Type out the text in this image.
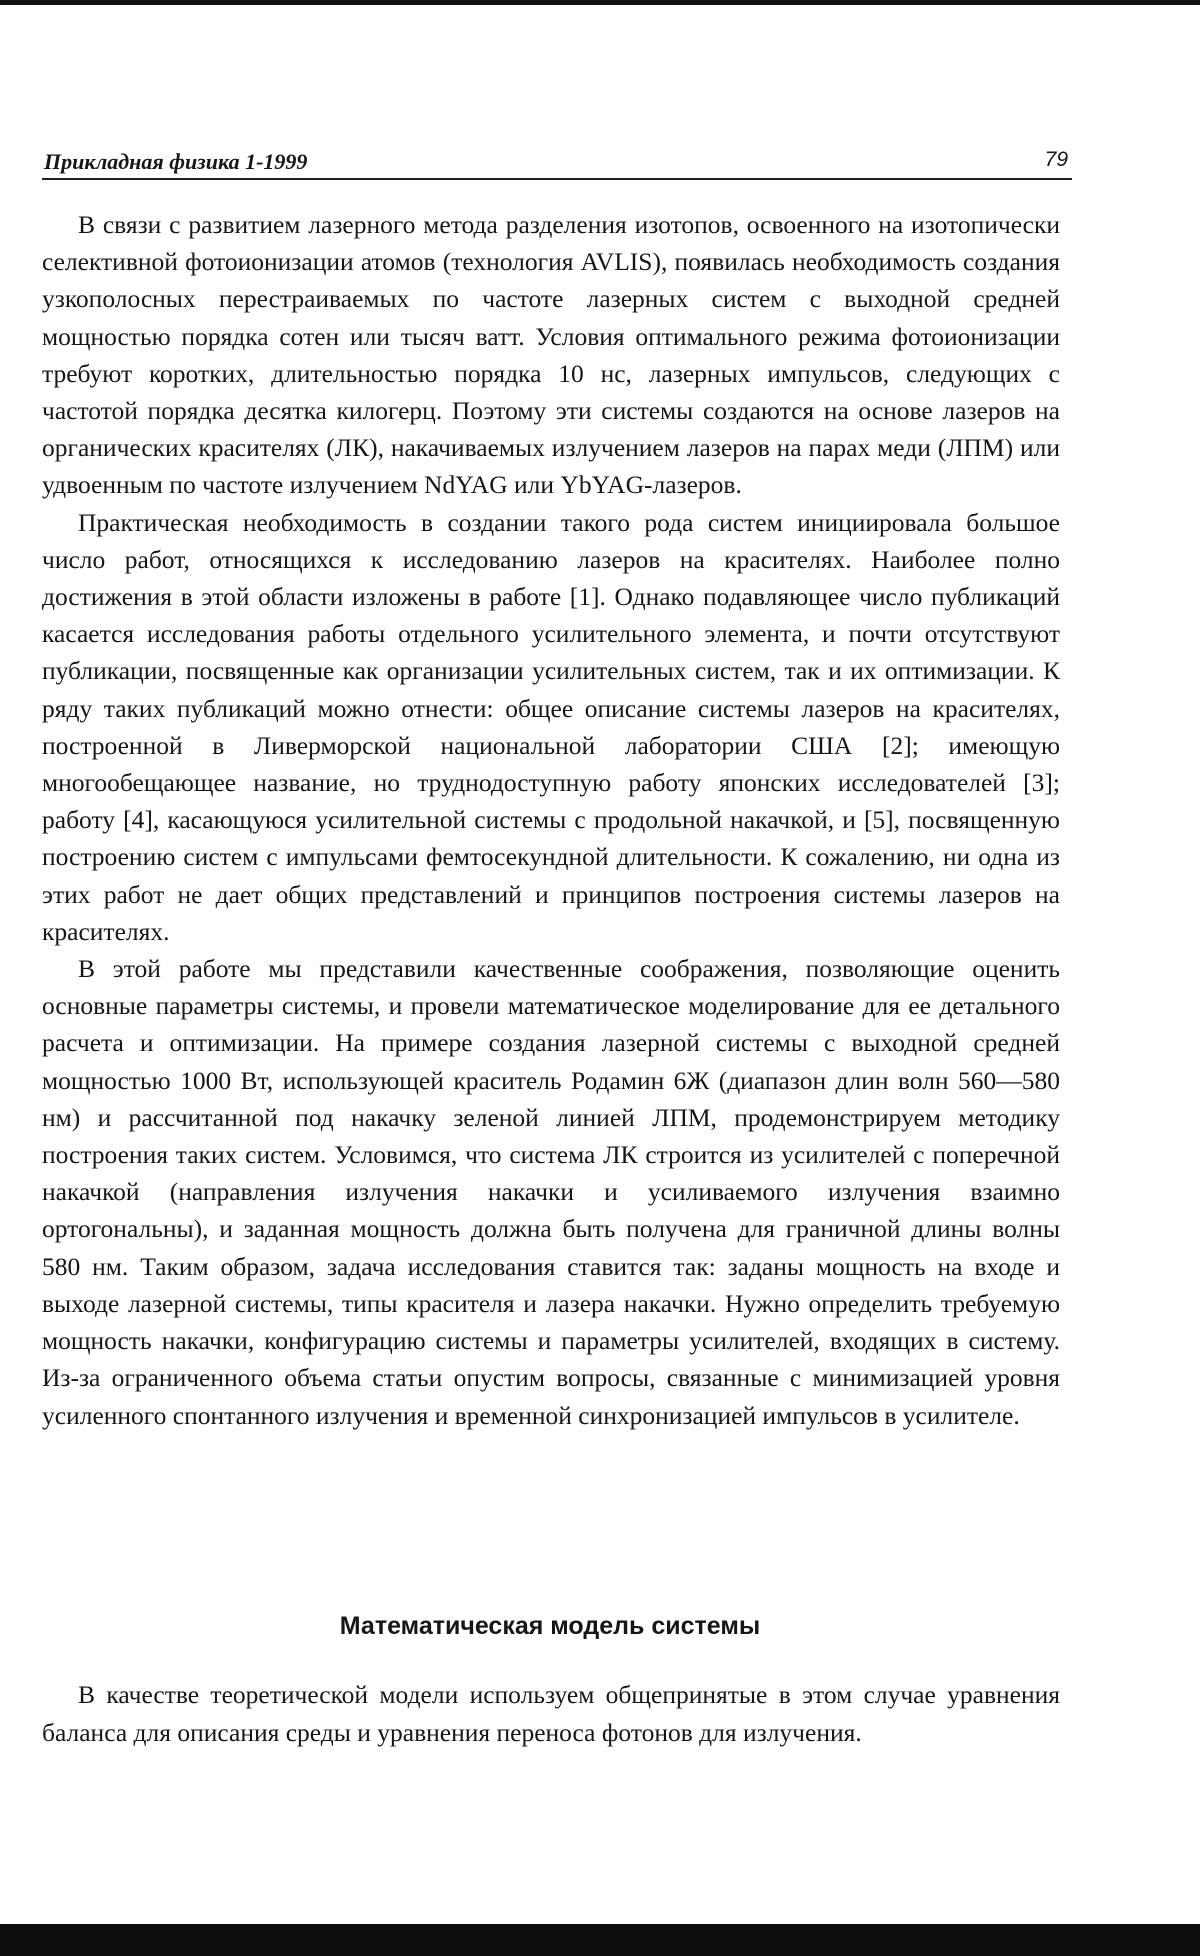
Прикладная физика 1-1999	79

В связи с развитием лазерного метода разделения изотопов, освоенного на изотопически селективной фотоионизации атомов (технология AVLIS), появилась необходимость создания узкополосных перестраиваемых по частоте лазерных систем с выходной средней мощностью порядка сотен или тысяч ватт. Условия оптимального режима фотоионизации требуют коротких, длительностью порядка 10 нс, лазерных импульсов, следующих с частотой порядка десятка килогерц. Поэтому эти системы создаются на основе лазеров на органических красителях (ЛК), накачиваемых излучением лазеров на парах меди (ЛПМ) или удвоенным по частоте излучением NdYAG или YbYAG-лазеров.

Практическая необходимость в создании такого рода систем инициировала большое число работ, относящихся к исследованию лазеров на красителях. Наиболее полно достижения в этой области изложены в работе [1]. Однако подавляющее число публикаций касается исследования работы отдельного усилительного элемента, и почти отсутствуют публикации, посвященные как организации усилительных систем, так и их оптимизации. К ряду таких публикаций можно отнести: общее описание системы лазеров на красителях, построенной в Ливерморской национальной лаборатории США [2]; имеющую многообещающее название, но труднодоступную работу японских исследователей [3]; работу [4], касающуюся усилительной системы с продольной накачкой, и [5], посвященную построению систем с импульсами фемтосекундной длительности. К сожалению, ни одна из этих работ не дает общих представлений и принципов построения системы лазеров на красителях.

В этой работе мы представили качественные соображения, позволяющие оценить основные параметры системы, и провели математическое моделирование для ее детального расчета и оптимизации. На примере создания лазерной системы с выходной средней мощностью 1000 Вт, использующей краситель Родамин 6Ж (диапазон длин волн 560—580 нм) и рассчитанной под накачку зеленой линией ЛПМ, продемонстрируем методику построения таких систем. Условимся, что система ЛК строится из усилителей с поперечной накачкой (направления излучения накачки и усиливаемого излучения взаимно ортогональны), и заданная мощность должна быть получена для граничной длины волны 580 нм. Таким образом, задача исследования ставится так: заданы мощность на входе и выходе лазерной системы, типы красителя и лазера накачки. Нужно определить требуемую мощность накачки, конфигурацию системы и параметры усилителей, входящих в систему. Из-за ограниченного объема статьи опустим вопросы, связанные с минимизацией уровня усиленного спонтанного излучения и временной синхронизацией импульсов в усилителе.

Математическая модель системы

В качестве теоретической модели используем общепринятые в этом случае уравнения баланса для описания среды и уравнения переноса фотонов для излучения.
